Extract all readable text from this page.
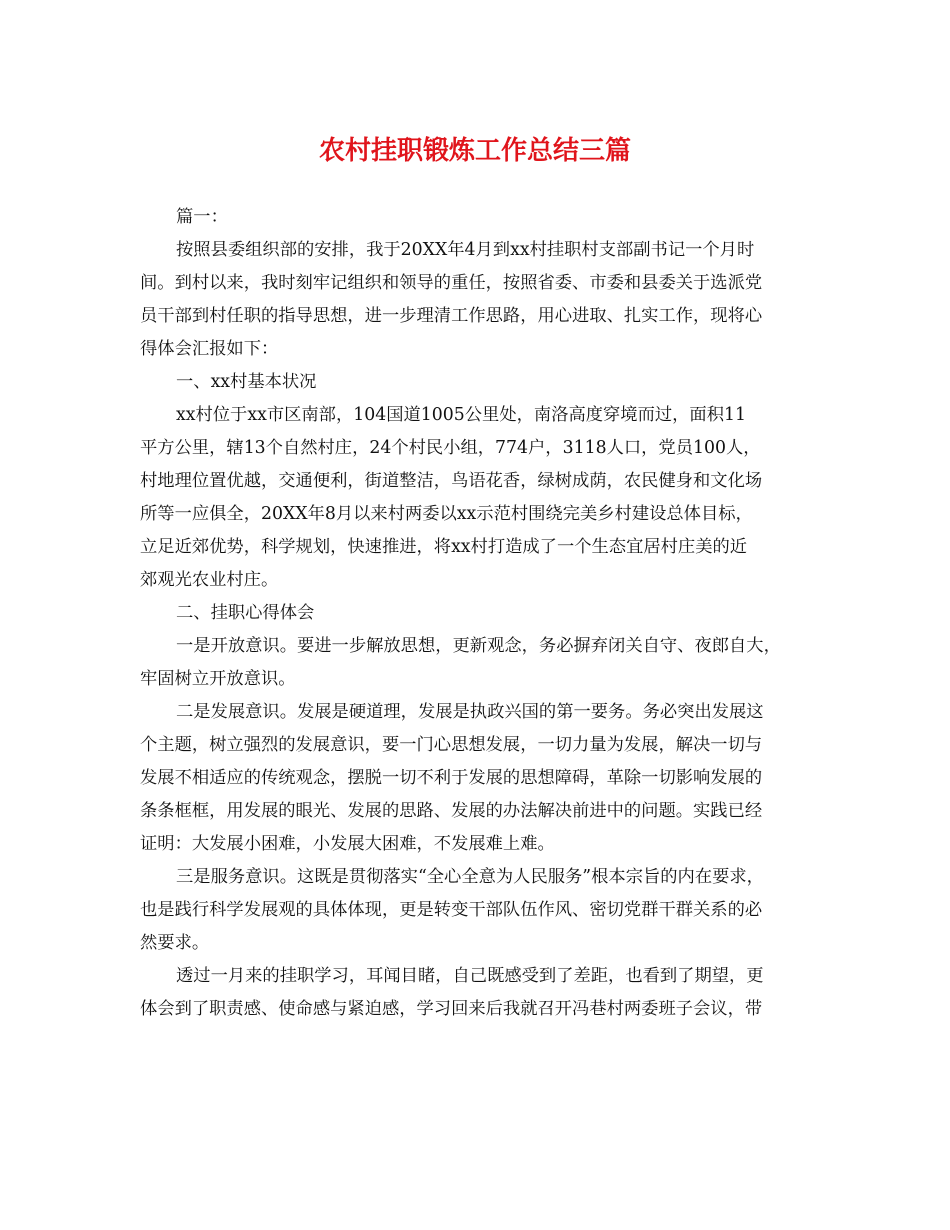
农村挂职锻炼工作总结三篇
篇一：
按照县委组织部的安排，我于20XX年4月到xx村挂职村支部副书记一个月时
间。到村以来，我时刻牢记组织和领导的重任，按照省委、市委和县委关于选派党
员干部到村任职的指导思想，进一步理清工作思路，用心进取、扎实工作，现将心
得体会汇报如下：
一、xx村基本状况
xx村位于xx市区南部，104国道1005公里处，南洛高度穿境而过，面积11
平方公里，辖13个自然村庄，24个村民小组，774户，3118人口，党员100人，
村地理位置优越，交通便利，街道整洁，鸟语花香，绿树成荫，农民健身和文化场
所等一应俱全，20XX年8月以来村两委以xx示范村围绕完美乡村建设总体目标，
立足近郊优势，科学规划，快速推进，将xx村打造成了一个生态宜居村庄美的近
郊观光农业村庄。
二、挂职心得体会
一是开放意识。要进一步解放思想，更新观念，务必摒弃闭关自守、夜郎自大，
牢固树立开放意识。
二是发展意识。发展是硬道理，发展是执政兴国的第一要务。务必突出发展这
个主题，树立强烈的发展意识，要一门心思想发展，一切力量为发展，解决一切与
发展不相适应的传统观念，摆脱一切不利于发展的思想障碍，革除一切影响发展的
条条框框，用发展的眼光、发展的思路、发展的办法解决前进中的问题。实践已经
证明：大发展小困难，小发展大困难，不发展难上难。
三是服务意识。这既是贯彻落实“全心全意为人民服务”根本宗旨的内在要求，
也是践行科学发展观的具体体现，更是转变干部队伍作风、密切党群干群关系的必
然要求。
透过一月来的挂职学习，耳闻目睹，自己既感受到了差距，也看到了期望，更
体会到了职责感、使命感与紧迫感，学习回来后我就召开冯巷村两委班子会议，带
